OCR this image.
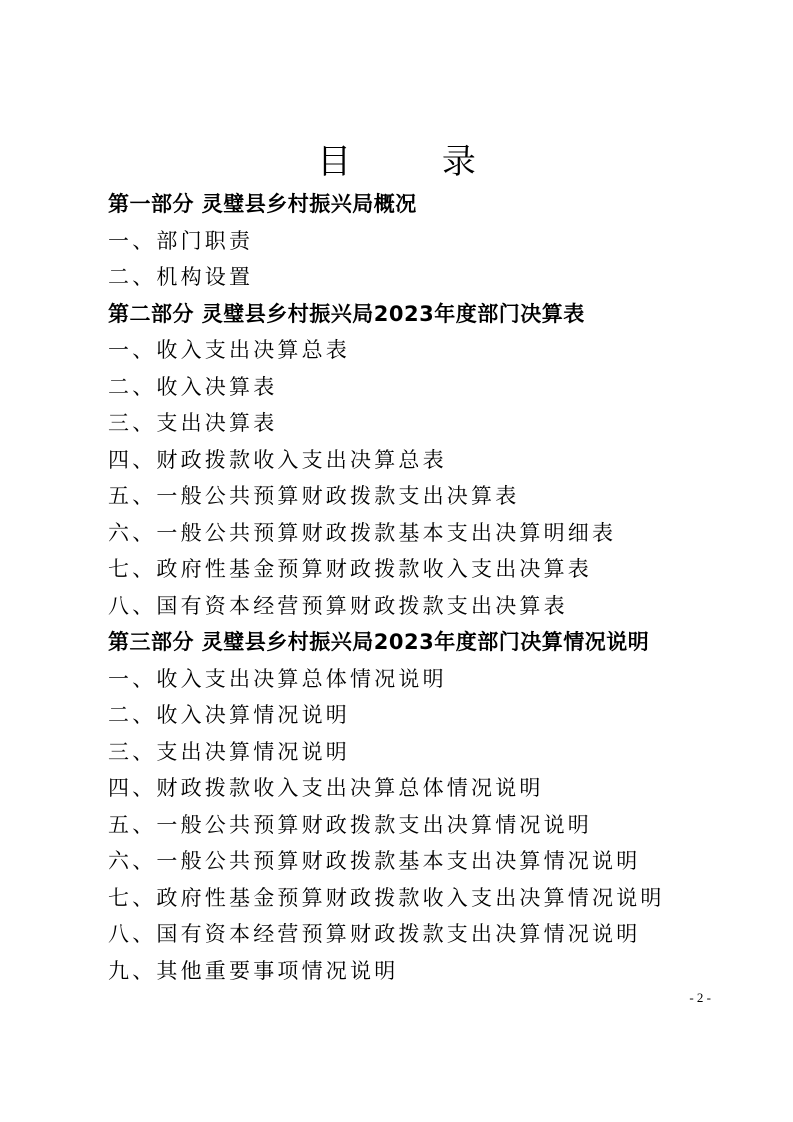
目 录
第一部分 灵璧县乡村振兴局概况
一、部门职责
二、机构设置
第二部分 灵璧县乡村振兴局2023年度部门决算表
一、收入支出决算总表
二、收入决算表
三、支出决算表
四、财政拨款收入支出决算总表
五、一般公共预算财政拨款支出决算表
六、一般公共预算财政拨款基本支出决算明细表
七、政府性基金预算财政拨款收入支出决算表
八、国有资本经营预算财政拨款支出决算表
第三部分 灵璧县乡村振兴局2023年度部门决算情况说明
一、收入支出决算总体情况说明
二、收入决算情况说明
三、支出决算情况说明
四、财政拨款收入支出决算总体情况说明
五、一般公共预算财政拨款支出决算情况说明
六、一般公共预算财政拨款基本支出决算情况说明
七、政府性基金预算财政拨款收入支出决算情况说明
八、国有资本经营预算财政拨款支出决算情况说明
九、其他重要事项情况说明
- 2 -
